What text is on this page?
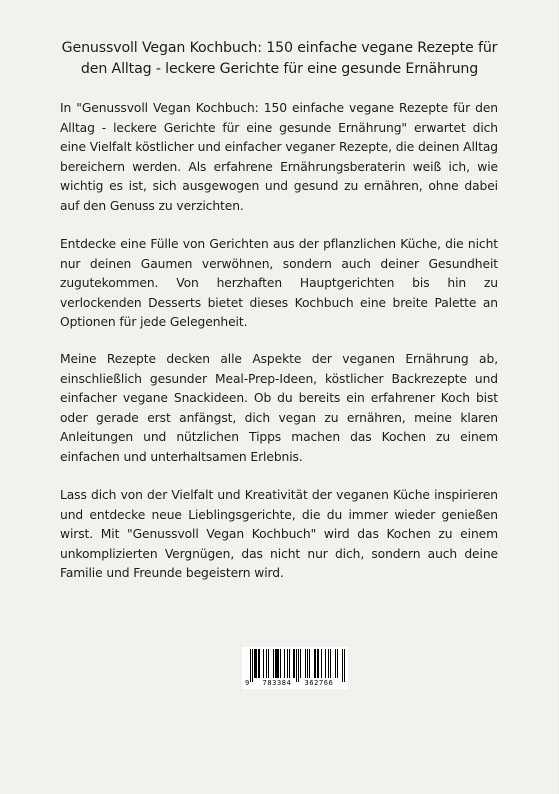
Genussvoll Vegan Kochbuch: 150 einfache vegane Rezepte für
den Alltag - leckere Gerichte für eine gesunde Ernährung

In "Genussvoll Vegan Kochbuch: 150 einfache vegane Rezepte für den Alltag - leckere Gerichte für eine gesunde Ernährung" erwartet dich eine Vielfalt köstlicher und einfacher veganer Rezepte, die deinen Alltag bereichern werden. Als erfahrene Ernährungsberaterin weiß ich, wie wichtig es ist, sich ausgewogen und gesund zu ernähren, ohne dabei auf den Genuss zu verzichten.

Entdecke eine Fülle von Gerichten aus der pflanzlichen Küche, die nicht nur deinen Gaumen verwöhnen, sondern auch deiner Gesundheit zugutekommen. Von herzhaften Hauptgerichten bis hin zu verlockenden Desserts bietet dieses Kochbuch eine breite Palette an Optionen für jede Gelegenheit.

Meine Rezepte decken alle Aspekte der veganen Ernährung ab, einschließlich gesunder Meal-Prep-Ideen, köstlicher Backrezepte und einfacher vegane Snackideen. Ob du bereits ein erfahrener Koch bist oder gerade erst anfängst, dich vegan zu ernähren, meine klaren Anleitungen und nützlichen Tipps machen das Kochen zu einem einfachen und unterhaltsamen Erlebnis.

Lass dich von der Vielfalt und Kreativität der veganen Küche inspirieren und entdecke neue Lieblingsgerichte, die du immer wieder genießen wirst. Mit "Genussvoll Vegan Kochbuch" wird das Kochen zu einem unkomplizierten Vergnügen, das nicht nur dich, sondern auch deine Familie und Freunde begeistern wird.

9	783384	362766
